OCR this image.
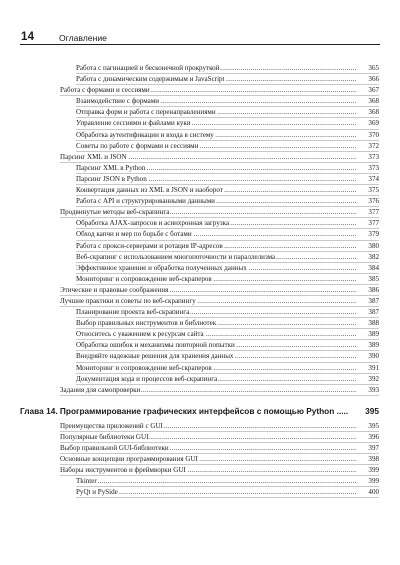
14	Оглавление
Работа с пагинацией и бесконечной прокруткой .....	365
Работа с динамическим содержимым и JavaScript .....	366
Работа с формами и сессиями .....	367
Взаимодействие с формами .....	368
Отправка форм и работа с перенаправлениями .....	368
Управление сессиями и файлами куки .....	369
Обработка аутентификации и входа в систему .....	370
Советы по работе с формами и сессиями .....	372
Парсинг XML и JSON .....	373
Парсинг XML в Python .....	373
Парсинг JSON в Python .....	374
Конвертация данных из XML в JSON и наоборот .....	375
Работа с API и структурированными данными .....	376
Продвинутые методы веб-скрапинга .....	377
Обработка AJAX-запросов и асинхронная загрузка .....	377
Обход капчи и мер по борьбе с ботами .....	379
Работа с прокси-серверами и ротация IP-адресов .....	380
Веб-скрапинг с использованием многопоточности и параллелизма .....	382
Эффективное хранение и обработка полученных данных .....	384
Мониторинг и сопровождение веб-скраперов .....	385
Этические и правовые соображения .....	386
Лучшие практики и советы по веб-скрапингу .....	387
Планирование проекта веб-скрапинга .....	387
Выбор правильных инструментов и библиотек .....	388
Относитесь с уважением к ресурсам сайта .....	389
Обработка ошибок и механизмы повторной попытки .....	389
Внедряйте надежные решения для хранения данных .....	390
Мониторинг и сопровождение веб-скраперов .....	391
Документация кода и процессов веб-скрапинга .....	392
Задания для самопроверки .....	393
Глава 14. Программирование графических интерфейсов с помощью Python .....	395
Преимущества приложений с GUI .....	395
Популярные библиотеки GUI .....	396
Выбор правильной GUI-библиотеки .....	397
Основные концепции программирования GUI .....	398
Наборы инструментов и фреймворки GUI .....	399
Tkinter .....	399
PyQt и PySide .....	400
